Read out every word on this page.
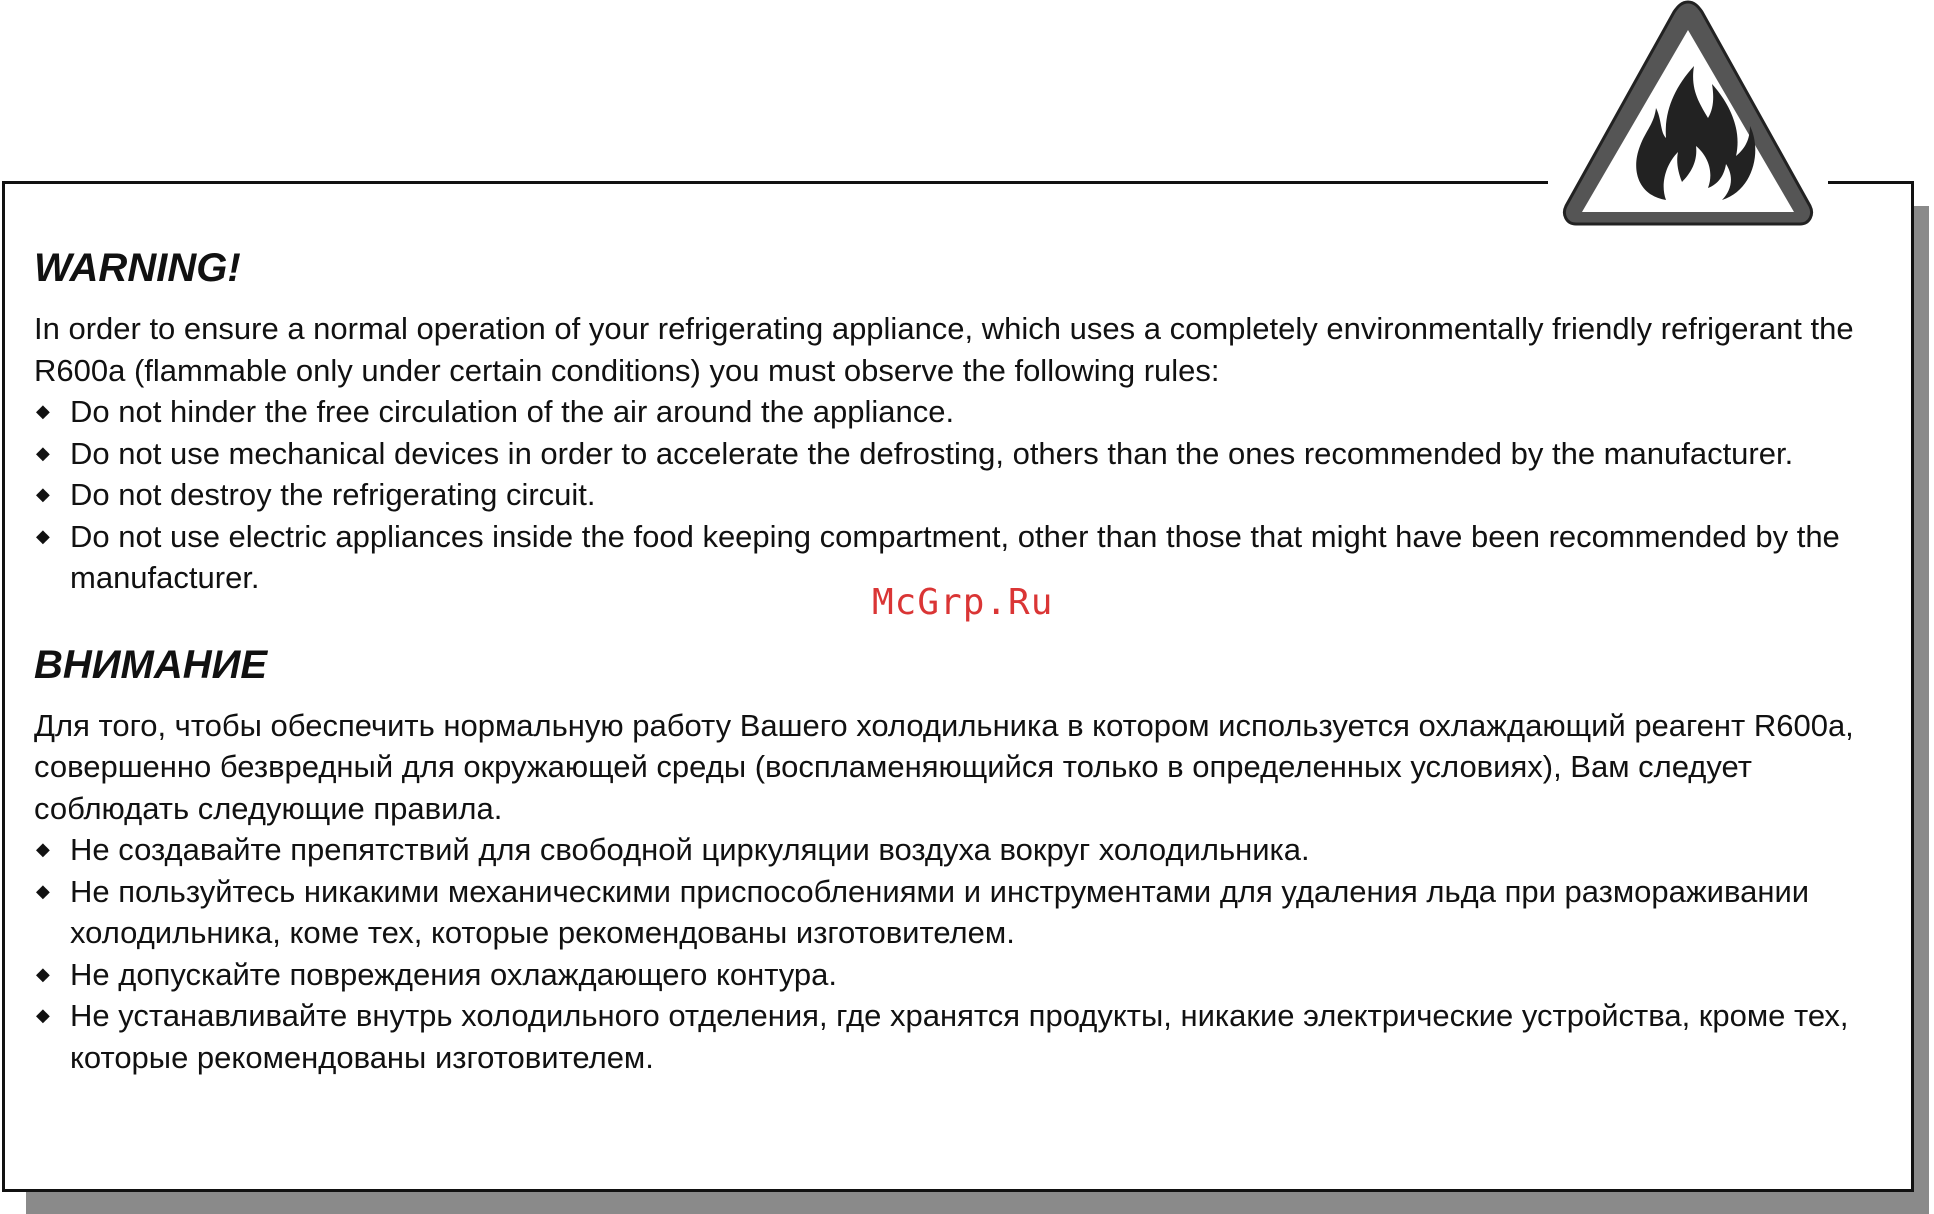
WARNING!

In order to ensure a normal operation of your refrigerating appliance, which uses a completely environmentally friendly refrigerant the R600a (flammable only under certain conditions) you must observe the following rules:

◆ Do not hinder the free circulation of the air around the appliance.
◆ Do not use mechanical devices in order to accelerate the defrosting, others than the ones recommended by the manufacturer.
◆ Do not destroy the refrigerating circuit.
◆ Do not use electric appliances inside the food keeping compartment, other than those that might have been recommended by the manufacturer.
ВНИМАНИЕ

Для того, чтобы обеспечить нормальную работу Вашего холодильника в котором используется охлаждающий реагент R600a, совершенно безвредный для окружающей среды (воспламеняющийся только в определенных условиях), Вам следует соблюдать следующие правила.

◆ Не создавайте препятствий для свободной циркуляции воздуха вокруг холодильника.
◆ Не пользуйтесь никакими механическими приспособлениями и инструментами для удаления льда при размораживании холодильника, коме тех, которые рекомендованы изготовителем.
◆ Не допускайте повреждения охлаждающего контура.
◆ Не устанавливайте внутрь холодильного отделения, где хранятся продукты, никакие электрические устройства, кроме тех, которые рекомендованы изготовителем.
McGrp.Ru
